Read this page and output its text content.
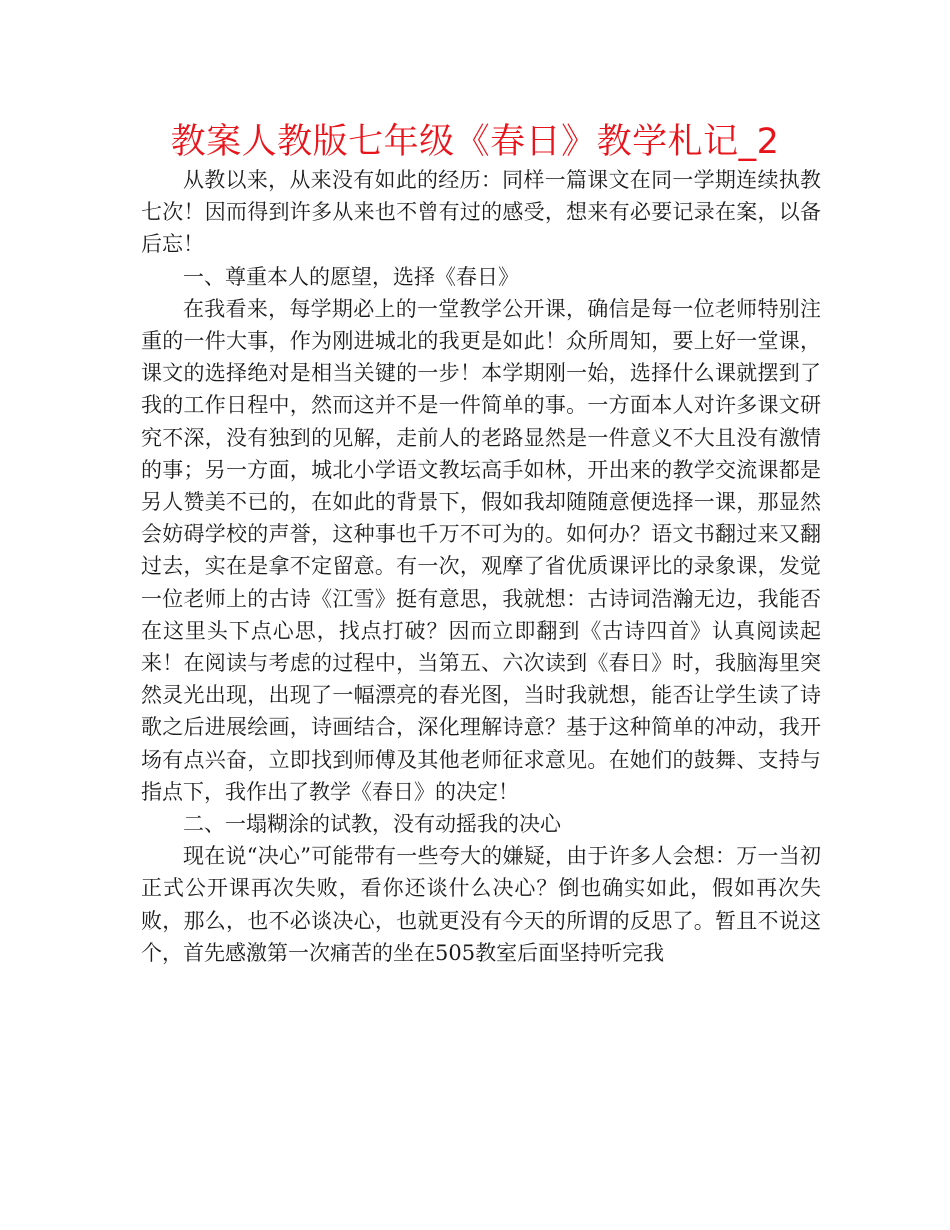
教案人教版七年级《春日》教学札记_2

从教以来，从来没有如此的经历：同样一篇课文在同一学期连续执教七次！因而得到许多从来也不曾有过的感受，想来有必要记录在案，以备后忘！

一、尊重本人的愿望，选择《春日》

在我看来，每学期必上的一堂教学公开课，确信是每一位老师特别注重的一件大事，作为刚进城北的我更是如此！众所周知，要上好一堂课，课文的选择绝对是相当关键的一步！本学期刚一始，选择什么课就摆到了我的工作日程中，然而这并不是一件简单的事。一方面本人对许多课文研究不深，没有独到的见解，走前人的老路显然是一件意义不大且没有激情的事；另一方面，城北小学语文教坛高手如林，开出来的教学交流课都是另人赞美不已的，在如此的背景下，假如我却随随意便选择一课，那显然会妨碍学校的声誉，这种事也千万不可为的。如何办？语文书翻过来又翻过去，实在是拿不定留意。有一次，观摩了省优质课评比的录象课，发觉一位老师上的古诗《江雪》挺有意思，我就想：古诗词浩瀚无边，我能否在这里头下点心思，找点打破？因而立即翻到《古诗四首》认真阅读起来！在阅读与考虑的过程中，当第五、六次读到《春日》时，我脑海里突然灵光出现，出现了一幅漂亮的春光图，当时我就想，能否让学生读了诗歌之后进展绘画，诗画结合，深化理解诗意？基于这种简单的冲动，我开场有点兴奋，立即找到师傅及其他老师征求意见。在她们的鼓舞、支持与指点下，我作出了教学《春日》的决定！

二、一塌糊涂的试教，没有动摇我的决心

现在说“决心”可能带有一些夸大的嫌疑，由于许多人会想：万一当初正式公开课再次失败，看你还谈什么决心？倒也确实如此，假如再次失败，那么，也不必谈决心，也就更没有今天的所谓的反思了。暂且不说这个，首先感激第一次痛苦的坐在505教室后面坚持听完我
